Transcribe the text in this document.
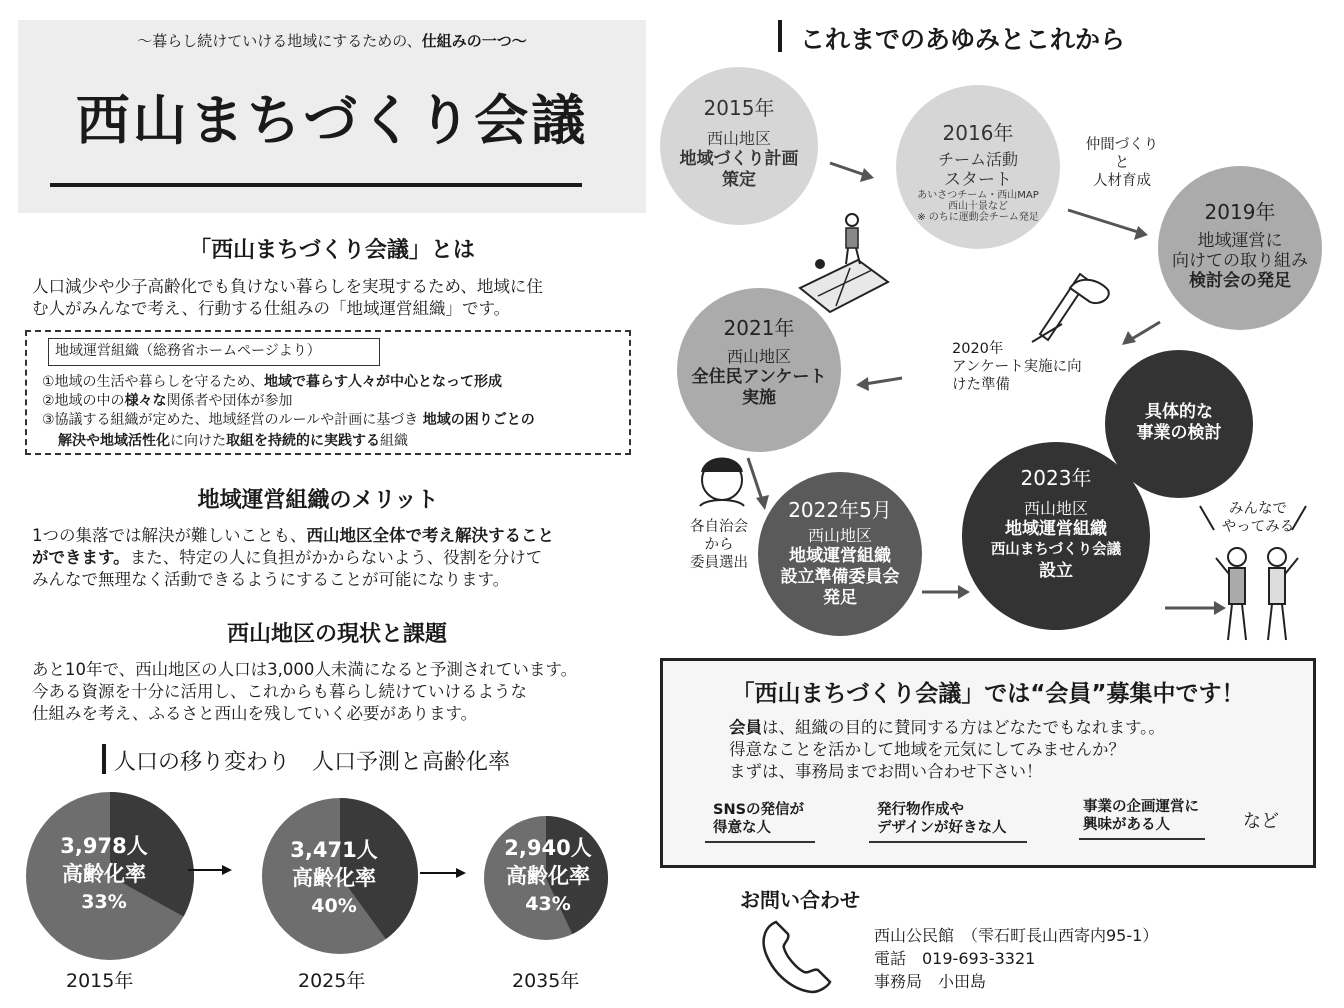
～暮らし続けていける地域にするための、仕組みの一つ～
西山まちづくり会議
「西山まちづくり会議」とは
人口減少や少子高齢化でも負けない暮らしを実現するため、地域に住
む人がみんなで考え、行動する仕組みの「地域運営組織」です。
地域運営組織（総務省ホームページより）
①地域の生活や暮らしを守るため、地域で暮らす人々が中心となって形成
②地域の中の様々な関係者や団体が参加
③協議する組織が定めた、地域経営のルールや計画に基づき 地域の困りごとの
解決や地域活性化に向けた取組を持続的に実践する組織
地域運営組織のメリット
1つの集落では解決が難しいことも、西山地区全体で考え解決すること
ができます。また、特定の人に負担がかからないよう、役割を分けて
みんなで無理なく活動できるようにすることが可能になります。
西山地区の現状と課題
あと10年で、西山地区の人口は3,000人未満になると予測されています。
今ある資源を十分に活用し、これからも暮らし続けていけるような
仕組みを考え、ふるさと西山を残していく必要があります。
人口の移り変わり　人口予測と高齢化率
3,978人
高齢化率
33%
3,471人
高齢化率
40%
2,940人
高齢化率
43%
2015年	2025年	2035年
これまでのあゆみとこれから
2015年
西山地区
地域づくり計画
策定
2016年
チーム活動
スタート
あいさつチーム・西山MAP
西山十景など
※ のちに運動会チーム発足
仲間づくり
と
人材育成
2019年
地域運営に
向けての取り組み
検討会の発足
2020年
アンケート実施に向
けた準備
2021年
西山地区
全住民アンケート
実施
各自治会
から
委員選出
2022年5月
西山地区
地域運営組織
設立準備委員会
発足
具体的な
事業の検討
2023年
西山地区
地域運営組織
西山まちづくり会議
設立
みんなで
やってみる
「西山まちづくり会議」では“会員”募集中です！
会員は、組織の目的に賛同する方はどなたでもなれます。。
得意なことを活かして地域を元気にしてみませんか？
まずは、事務局までお問い合わせ下さい！
SNSの発信が
得意な人
発行物作成や
デザインが好きな人
事業の企画運営に
興味がある人	など
お問い合わせ
西山公民館　（雫石町長山西寄内95-1）
電話　019-693-3321
事務局　小田島
